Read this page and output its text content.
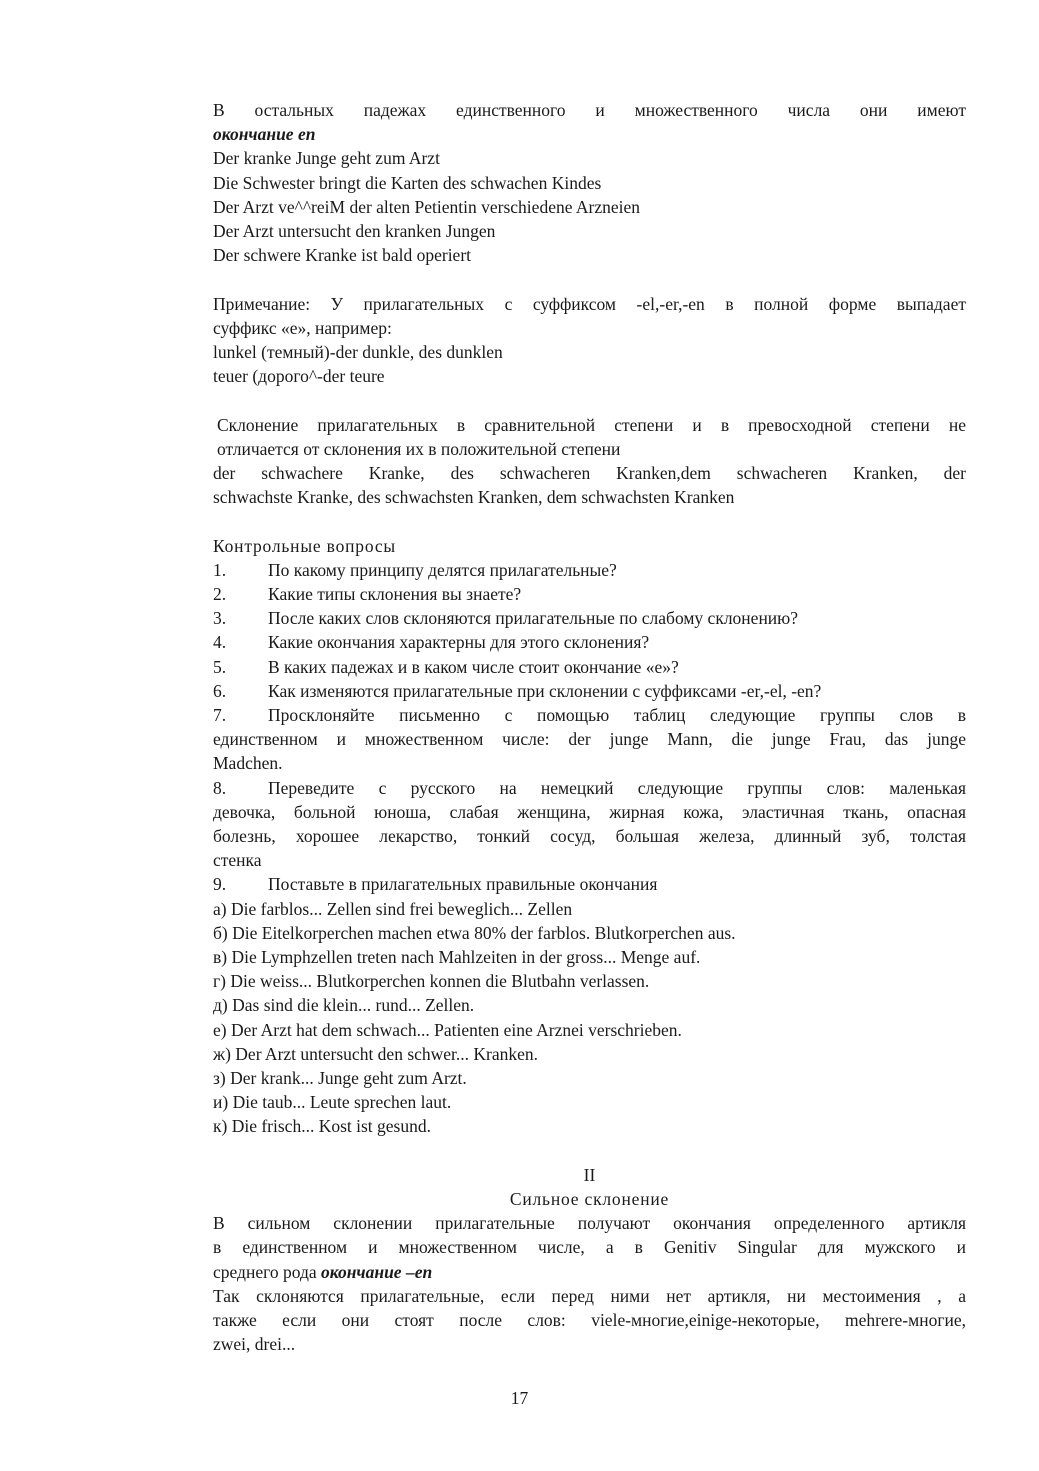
В остальных падежах единственного и множественного числа они имеют

окончание en

Der kranke Junge geht zum Arzt

Die Schwester bringt die Karten des schwachen Kindes

Der Arzt ve^^reiM der alten Petientin verschiedene Arzneien

Der Arzt untersucht den kranken Jungen

Der schwere Kranke ist bald operiert

Примечание: У прилагательных с суффиксом -el,-er,-en в полной форме выпадает

суффикс «е», например:

lunkel (темный)-der dunkle, des dunklen

teuer (дорого^-der teure

Склонение прилагательных в сравнительной степени и в превосходной степени не

отличается от склонения их в положительной степени

der schwachere Kranke, des schwacheren Kranken,dem schwacheren Kranken, der

schwachste Kranke, des schwachsten Kranken, dem schwachsten Kranken

Контрольные вопросы

1.	По какому принципу делятся прилагательные?
2.	Какие типы склонения вы знаете?
3.	После каких слов склоняются прилагательные по слабому склонению?
4.	Какие окончания характерны для этого склонения?
5.	В каких падежах и в каком числе стоит окончание «е»?
6.	Как изменяются прилагательные при склонении с суффиксами -er,-el, -en?
7.	Просклоняйте письменно с помощью таблиц следующие группы слов в

единственном и множественном числе: der junge Mann, die junge Frau, das junge

Madchen.

8.	Переведите с русского на немецкий следующие группы слов: маленькая

девочка, больной юноша, слабая женщина, жирная кожа, эластичная ткань, опасная

болезнь, хорошее лекарство, тонкий сосуд, большая железа, длинный зуб, толстая

стенка

9.	Поставьте в прилагательных правильные окончания

а) Die farblos... Zellen sind frei beweglich... Zellen

б) Die Eitelkorperchen machen etwa 80% der farblos. Blutkorperchen aus.

в) Die Lymphzellen treten nach Mahlzeiten in der gross... Menge auf.

г) Die weiss... Blutkorperchen konnen die Blutbahn verlassen.

д) Das sind die klein... rund... Zellen.

е) Der Arzt hat dem schwach... Patienten eine Arznei verschrieben.

ж) Der Arzt untersucht den schwer... Kranken.

з) Der krank... Junge geht zum Arzt.

и) Die taub... Leute sprechen laut.

к) Die frisch... Kost ist gesund.

II

Сильное склонение

В сильном склонении прилагательные получают окончания определенного артикля

в единственном и множественном числе, а в Genitiv Singular для мужского и

среднего рода окончание –en

Так склоняются прилагательные, если перед ними нет артикля, ни местоимения , а

также если они стоят после слов: viele-многие,einige-некоторые, mehrere-многие,

zwei, drei...

17
